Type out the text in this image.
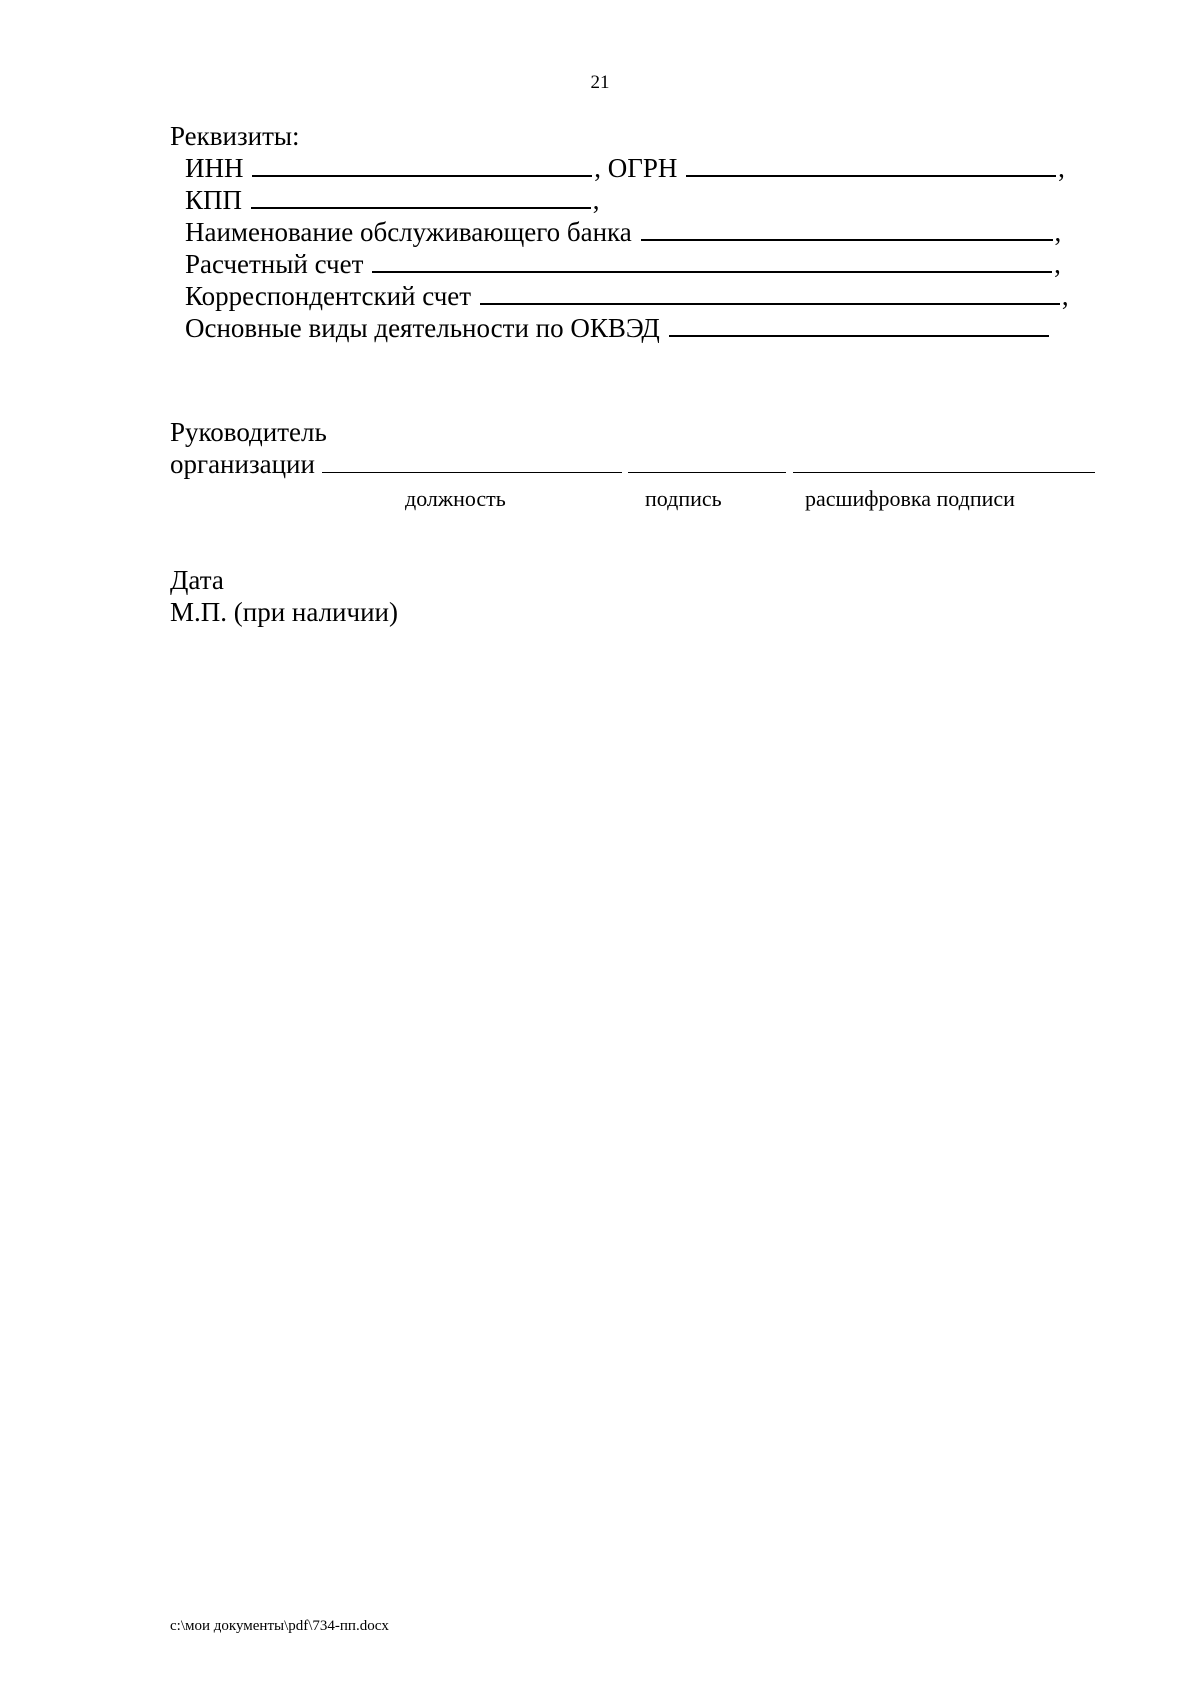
21
Реквизиты:
ИНН	, ОГРН	,
КПП	,
Наименование обслуживающего банка	,
Расчетный счет	,
Корреспондентский счет	,
Основные виды деятельности по ОКВЭД
Руководитель
организации
должность	подпись	расшифровка подписи
Дата
М.П. (при наличии)
c:\мои документы\pdf\734-пп.docx
